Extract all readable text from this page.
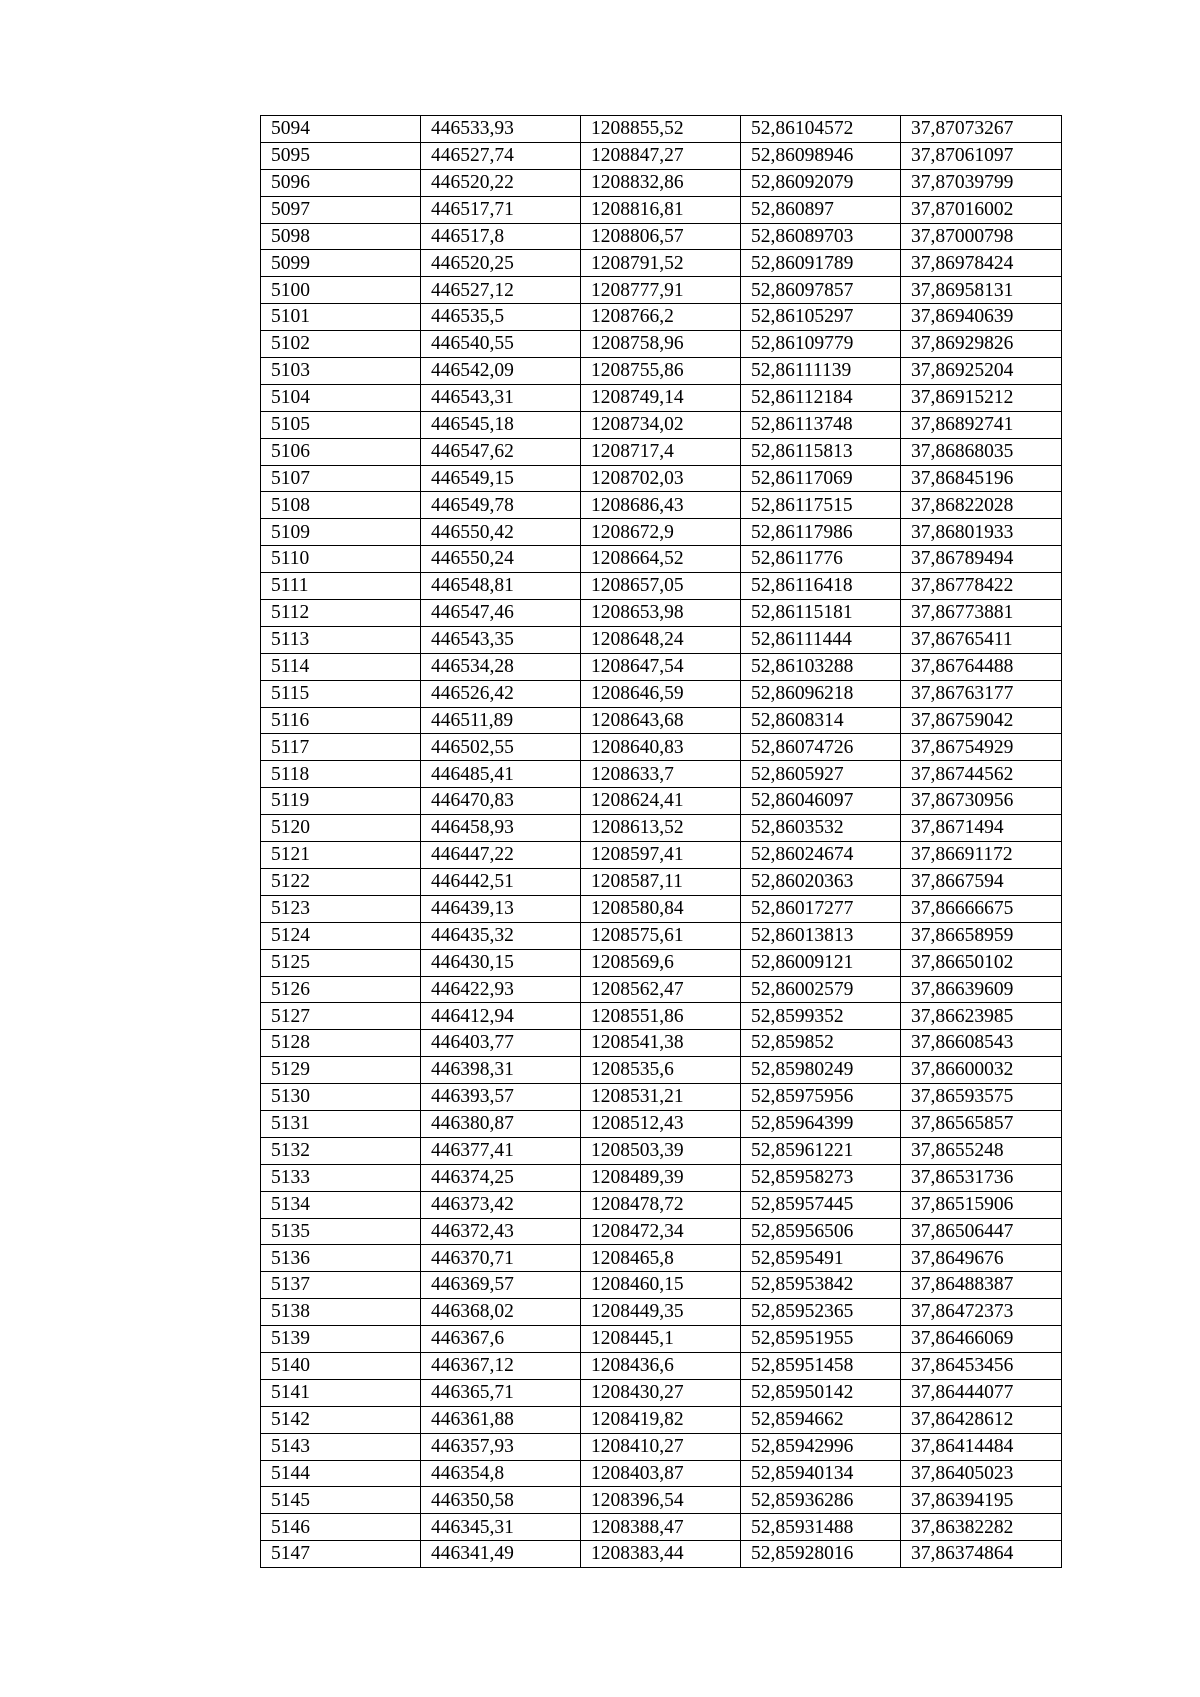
5094	446533,93	1208855,52	52,86104572	37,87073267
5095	446527,74	1208847,27	52,86098946	37,87061097
5096	446520,22	1208832,86	52,86092079	37,87039799
5097	446517,71	1208816,81	52,860897	37,87016002
5098	446517,8	1208806,57	52,86089703	37,87000798
5099	446520,25	1208791,52	52,86091789	37,86978424
5100	446527,12	1208777,91	52,86097857	37,86958131
5101	446535,5	1208766,2	52,86105297	37,86940639
5102	446540,55	1208758,96	52,86109779	37,86929826
5103	446542,09	1208755,86	52,86111139	37,86925204
5104	446543,31	1208749,14	52,86112184	37,86915212
5105	446545,18	1208734,02	52,86113748	37,86892741
5106	446547,62	1208717,4	52,86115813	37,86868035
5107	446549,15	1208702,03	52,86117069	37,86845196
5108	446549,78	1208686,43	52,86117515	37,86822028
5109	446550,42	1208672,9	52,86117986	37,86801933
5110	446550,24	1208664,52	52,8611776	37,86789494
5111	446548,81	1208657,05	52,86116418	37,86778422
5112	446547,46	1208653,98	52,86115181	37,86773881
5113	446543,35	1208648,24	52,86111444	37,86765411
5114	446534,28	1208647,54	52,86103288	37,86764488
5115	446526,42	1208646,59	52,86096218	37,86763177
5116	446511,89	1208643,68	52,8608314	37,86759042
5117	446502,55	1208640,83	52,86074726	37,86754929
5118	446485,41	1208633,7	52,8605927	37,86744562
5119	446470,83	1208624,41	52,86046097	37,86730956
5120	446458,93	1208613,52	52,8603532	37,8671494
5121	446447,22	1208597,41	52,86024674	37,86691172
5122	446442,51	1208587,11	52,86020363	37,8667594
5123	446439,13	1208580,84	52,86017277	37,86666675
5124	446435,32	1208575,61	52,86013813	37,86658959
5125	446430,15	1208569,6	52,86009121	37,86650102
5126	446422,93	1208562,47	52,86002579	37,86639609
5127	446412,94	1208551,86	52,8599352	37,86623985
5128	446403,77	1208541,38	52,859852	37,86608543
5129	446398,31	1208535,6	52,85980249	37,86600032
5130	446393,57	1208531,21	52,85975956	37,86593575
5131	446380,87	1208512,43	52,85964399	37,86565857
5132	446377,41	1208503,39	52,85961221	37,8655248
5133	446374,25	1208489,39	52,85958273	37,86531736
5134	446373,42	1208478,72	52,85957445	37,86515906
5135	446372,43	1208472,34	52,85956506	37,86506447
5136	446370,71	1208465,8	52,8595491	37,8649676
5137	446369,57	1208460,15	52,85953842	37,86488387
5138	446368,02	1208449,35	52,85952365	37,86472373
5139	446367,6	1208445,1	52,85951955	37,86466069
5140	446367,12	1208436,6	52,85951458	37,86453456
5141	446365,71	1208430,27	52,85950142	37,86444077
5142	446361,88	1208419,82	52,8594662	37,86428612
5143	446357,93	1208410,27	52,85942996	37,86414484
5144	446354,8	1208403,87	52,85940134	37,86405023
5145	446350,58	1208396,54	52,85936286	37,86394195
5146	446345,31	1208388,47	52,85931488	37,86382282
5147	446341,49	1208383,44	52,85928016	37,86374864
